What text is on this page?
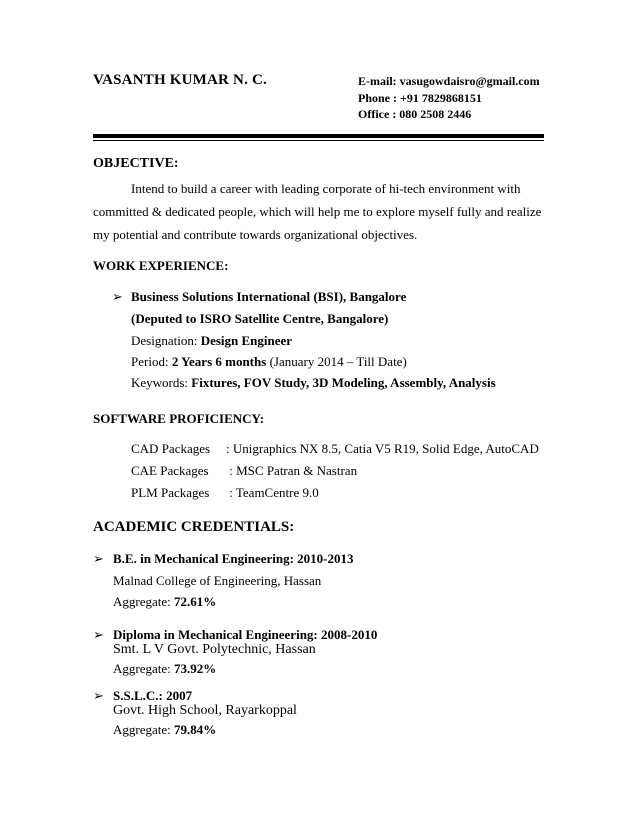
VASANTH KUMAR N. C.	E-mail: vasugowdaisro@gmail.com
Phone : +91 7829868151
Office : 080 2508 2446
OBJECTIVE:
Intend to build a career with leading corporate of hi-tech environment with
committed & dedicated people, which will help me to explore myself fully and realize
my potential and contribute towards organizational objectives.
WORK EXPERIENCE:
➢ Business Solutions International (BSI), Bangalore
(Deputed to ISRO Satellite Centre, Bangalore)
Designation: Design Engineer
Period: 2 Years 6 months (January 2014 – Till Date)
Keywords: Fixtures, FOV Study, 3D Modeling, Assembly, Analysis
SOFTWARE PROFICIENCY:
CAD Packages : Unigraphics NX 8.5, Catia V5 R19, Solid Edge, AutoCAD
CAE Packages : MSC Patran & Nastran
PLM Packages : TeamCentre 9.0
ACADEMIC CREDENTIALS:
➢ B.E. in Mechanical Engineering: 2010-2013
Malnad College of Engineering, Hassan
Aggregate: 72.61%
➢ Diploma in Mechanical Engineering: 2008-2010
Smt. L V Govt. Polytechnic, Hassan
Aggregate: 73.92%
➢ S.S.L.C.: 2007
Govt. High School, Rayarkoppal
Aggregate: 79.84%
